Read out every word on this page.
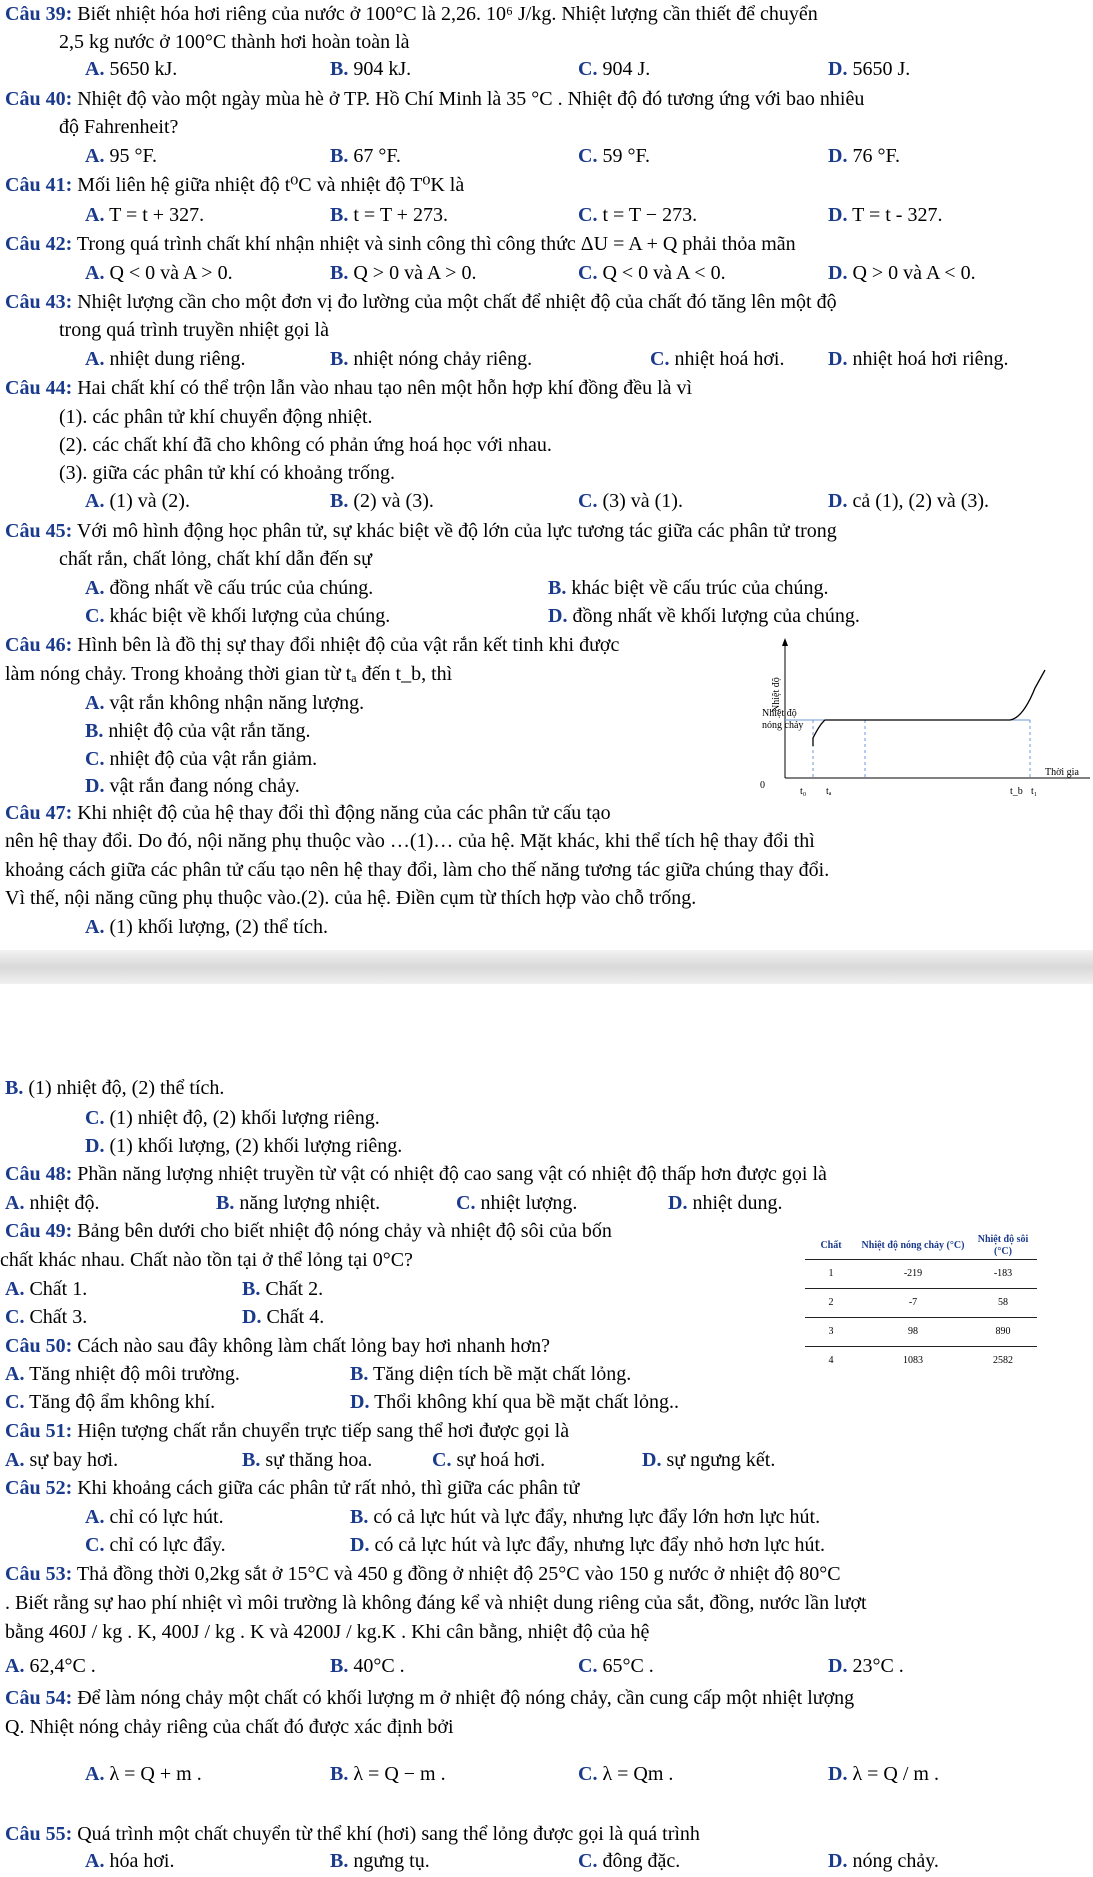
Câu 39: Biết nhiệt hóa hơi riêng của nước ở 100°C là 2,26. 10⁶ J/kg. Nhiệt lượng cần thiết để chuyển
2,5 kg nước ở 100°C thành hơi hoàn toàn là
A. 5650 kJ.	B. 904 kJ.	C. 904 J.	D. 5650 J.
Câu 40: Nhiệt độ vào một ngày mùa hè ở TP. Hồ Chí Minh là 35 °C . Nhiệt độ đó tương ứng với bao nhiêu
độ Fahrenheit?
A. 95 °F.	B. 67 °F.	C. 59 °F.	D. 76 °F.
Câu 41: Mối liên hệ giữa nhiệt độ t⁰C và nhiệt độ T⁰K là
A. T = t + 327.	B. t = T + 273.	C. t = T − 273.	D. T = t - 327.
Câu 42: Trong quá trình chất khí nhận nhiệt và sinh công thì công thức ΔU = A + Q phải thỏa mãn
A. Q < 0 và A > 0.	B. Q > 0 và A > 0.	C. Q < 0 và A < 0.	D. Q > 0 và A < 0.
Câu 43: Nhiệt lượng cần cho một đơn vị đo lường của một chất để nhiệt độ của chất đó tăng lên một độ
trong quá trình truyền nhiệt gọi là
A. nhiệt dung riêng.	B. nhiệt nóng chảy riêng.	C. nhiệt hoá hơi. D. nhiệt hoá hơi riêng.
Câu 44: Hai chất khí có thể trộn lẫn vào nhau tạo nên một hỗn hợp khí đồng đều là vì
(1). các phân tử khí chuyển động nhiệt.
(2). các chất khí đã cho không có phản ứng hoá học với nhau.
(3). giữa các phân tử khí có khoảng trống.
A. (1) và (2).	B. (2) và (3).	C. (3) và (1).	D. cả (1), (2) và (3).
Câu 45: Với mô hình động học phân tử, sự khác biệt về độ lớn của lực tương tác giữa các phân tử trong
chất rắn, chất lỏng, chất khí dẫn đến sự
A. đồng nhất về cấu trúc của chúng.	B. khác biệt về cấu trúc của chúng.
C. khác biệt về khối lượng của chúng.	D. đồng nhất về khối lượng của chúng.
Câu 46: Hình bên là đồ thị sự thay đổi nhiệt độ của vật rắn kết tinh khi được
làm nóng chảy. Trong khoảng thời gian từ tₐ đến t_b, thì
A. vật rắn không nhận năng lượng.
B. nhiệt độ của vật rắn tăng.
C. nhiệt độ của vật rắn giảm.
D. vật rắn đang nóng chảy.
Câu 47: Khi nhiệt độ của hệ thay đổi thì động năng của các phân tử cấu tạo
nên hệ thay đổi. Do đó, nội năng phụ thuộc vào …(1)… của hệ. Mặt khác, khi thể tích hệ thay đổi thì
khoảng cách giữa các phân tử cấu tạo nên hệ thay đổi, làm cho thế năng tương tác giữa chúng thay đổi.
Vì thế, nội năng cũng phụ thuộc vào.(2). của hệ. Điền cụm từ thích hợp vào chỗ trống.
A. (1) khối lượng, (2) thể tích.
B. (1) nhiệt độ, (2) thể tích.
C. (1) nhiệt độ, (2) khối lượng riêng.
D. (1) khối lượng, (2) khối lượng riêng.
Câu 48: Phần năng lượng nhiệt truyền từ vật có nhiệt độ cao sang vật có nhiệt độ thấp hơn được gọi là
A. nhiệt độ.	B. năng lượng nhiệt.	C. nhiệt lượng.	D. nhiệt dung.
Câu 49: Bảng bên dưới cho biết nhiệt độ nóng chảy và nhiệt độ sôi của bốn
chất khác nhau. Chất nào tồn tại ở thể lỏng tại 0°C?
A. Chất 1.	B. Chất 2.
C. Chất 3.	D. Chất 4.
Câu 50: Cách nào sau đây không làm chất lỏng bay hơi nhanh hơn?
A. Tăng nhiệt độ môi trường.	B. Tăng diện tích bề mặt chất lỏng.
C. Tăng độ ẩm không khí.	D. Thổi không khí qua bề mặt chất lỏng..
Câu 51: Hiện tượng chất rắn chuyển trực tiếp sang thể hơi được gọi là
A. sự bay hơi.	B. sự thăng hoa.	C. sự hoá hơi.	D. sự ngưng kết.
Câu 52: Khi khoảng cách giữa các phân tử rất nhỏ, thì giữa các phân tử
A. chỉ có lực hút.	B. có cả lực hút và lực đẩy, nhưng lực đẩy lớn hơn lực hút.
C. chỉ có lực đẩy.	D. có cả lực hút và lực đẩy, nhưng lực đẩy nhỏ hơn lực hút.
Câu 53: Thả đồng thời 0,2kg sắt ở 15°C và 450 g đồng ở nhiệt độ 25°C vào 150 g nước ở nhiệt độ 80°C
. Biết rằng sự hao phí nhiệt vì môi trường là không đáng kể và nhiệt dung riêng của sắt, đồng, nước lần lượt
bằng 460J / kg . K, 400J / kg . K và 4200J / kg.K . Khi cân bằng, nhiệt độ của hệ
A. 62,4°C .	B. 40°C .	C. 65°C .	D. 23°C .
Câu 54: Để làm nóng chảy một chất có khối lượng m ở nhiệt độ nóng chảy, cần cung cấp một nhiệt lượng
Q. Nhiệt nóng chảy riêng của chất đó được xác định bởi
A. λ = Q + m .	B. λ = Q − m .	C. λ = Qm .	D. λ = Q / m .
Câu 55: Quá trình một chất chuyển từ thể khí (hơi) sang thể lỏng được gọi là quá trình
A. hóa hơi.	B. ngưng tụ.	C. đông đặc.	D. nóng chảy.
Nhiệt độ
Nhiệt độ
nóng chảy
Thời gia
0
t₀ tₐ	t_b t₁
Chất	Nhiệt độ nóng chảy (°C)	Nhiệt độ sôi (°C)
1	-219	-183
2	-7	58
3	98	890
4	1083	2582
